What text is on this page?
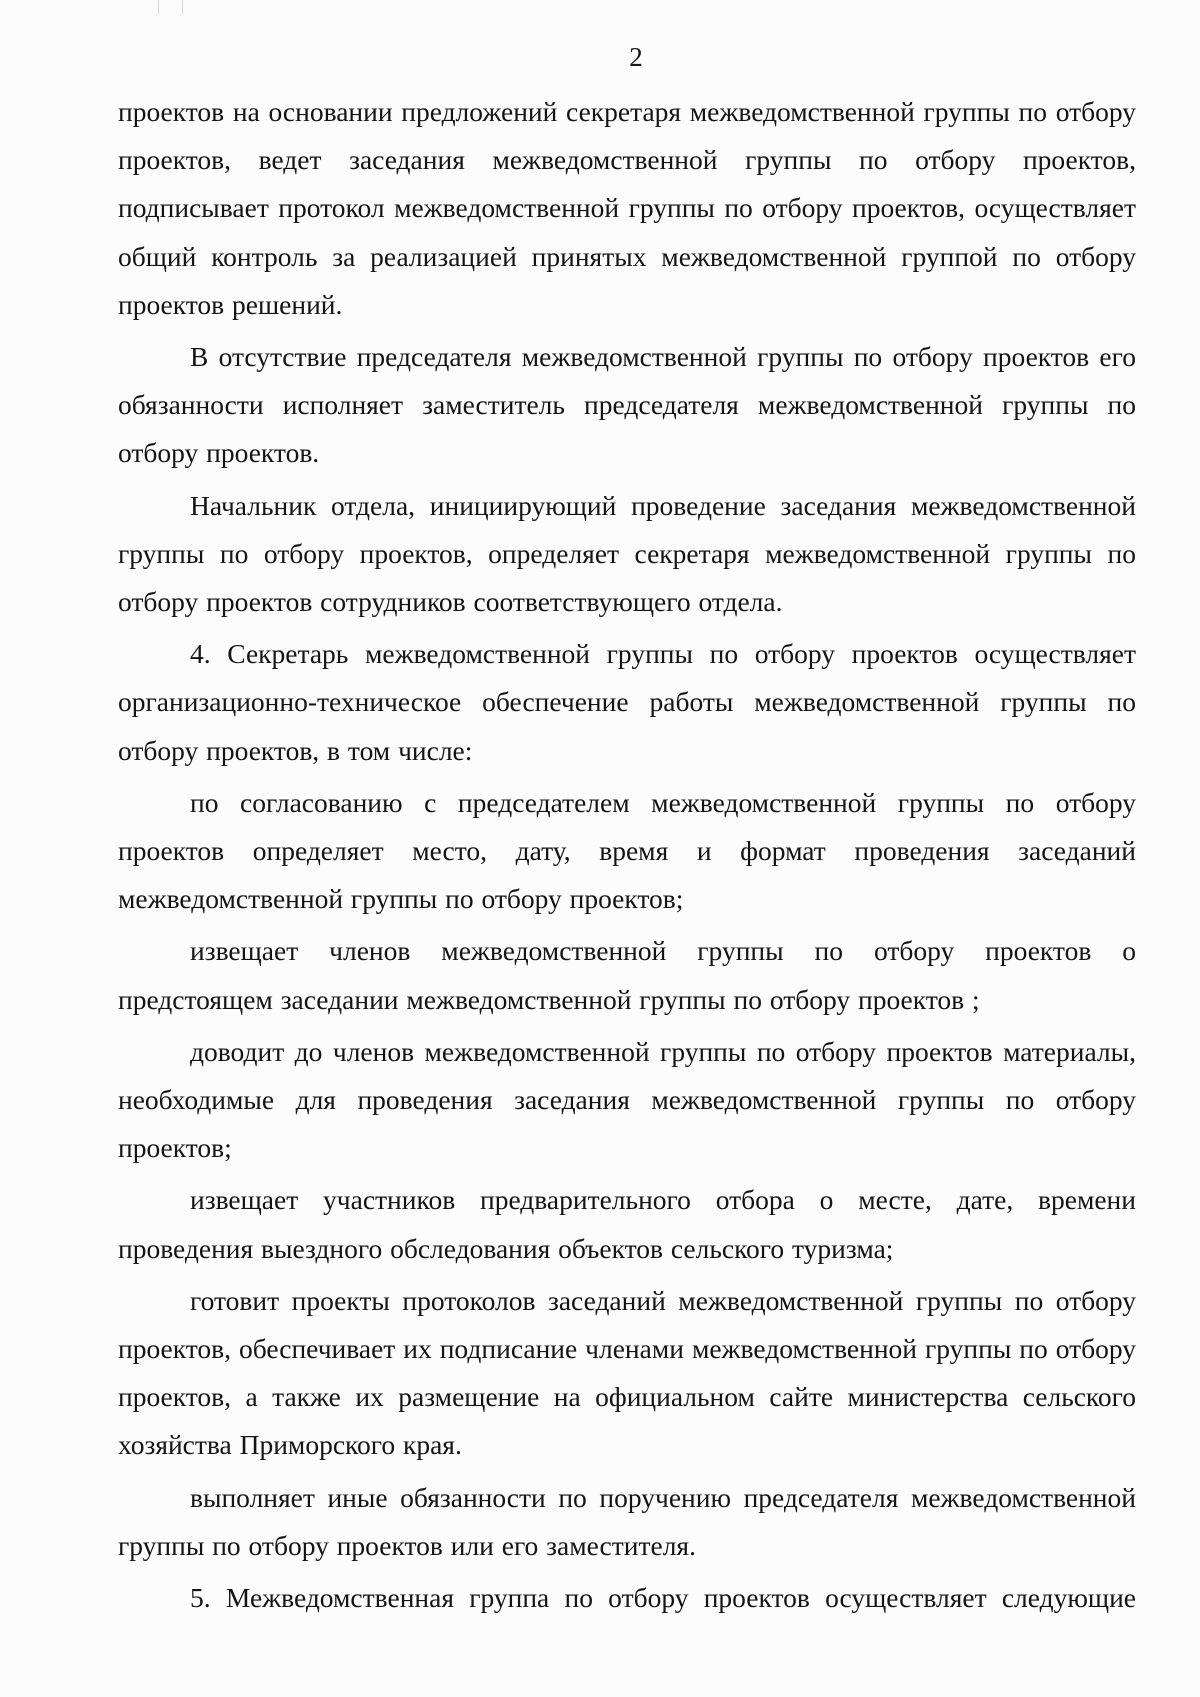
2

проектов на основании предложений секретаря межведомственной группы по отбору проектов, ведет заседания межведомственной группы по отбору проектов, подписывает протокол межведомственной группы по отбору проектов, осуществляет общий контроль за реализацией принятых межведомственной группой по отбору проектов решений.

В отсутствие председателя межведомственной группы по отбору проектов его обязанности исполняет заместитель председателя межведомственной группы по отбору проектов.

Начальник отдела, инициирующий проведение заседания межведомственной группы по отбору проектов, определяет секретаря межведомственной группы по отбору проектов сотрудников соответствующего отдела.

4. Секретарь межведомственной группы по отбору проектов осуществляет организационно-техническое обеспечение работы межведомственной группы по отбору проектов, в том числе:

по согласованию с председателем межведомственной группы по отбору проектов определяет место, дату, время и формат проведения заседаний межведомственной группы по отбору проектов;

извещает членов межведомственной группы по отбору проектов о предстоящем заседании межведомственной группы по отбору проектов ;

доводит до членов межведомственной группы по отбору проектов материалы, необходимые для проведения заседания межведомственной группы по отбору проектов;

извещает участников предварительного отбора о месте, дате, времени проведения выездного обследования объектов сельского туризма;

готовит проекты протоколов заседаний межведомственной группы по отбору проектов, обеспечивает их подписание членами межведомственной группы по отбору проектов, а также их размещение на официальном сайте министерства сельского хозяйства Приморского края.

выполняет иные обязанности по поручению председателя межведомственной группы по отбору проектов или его заместителя.

5. Межведомственная группа по отбору проектов осуществляет следующие
